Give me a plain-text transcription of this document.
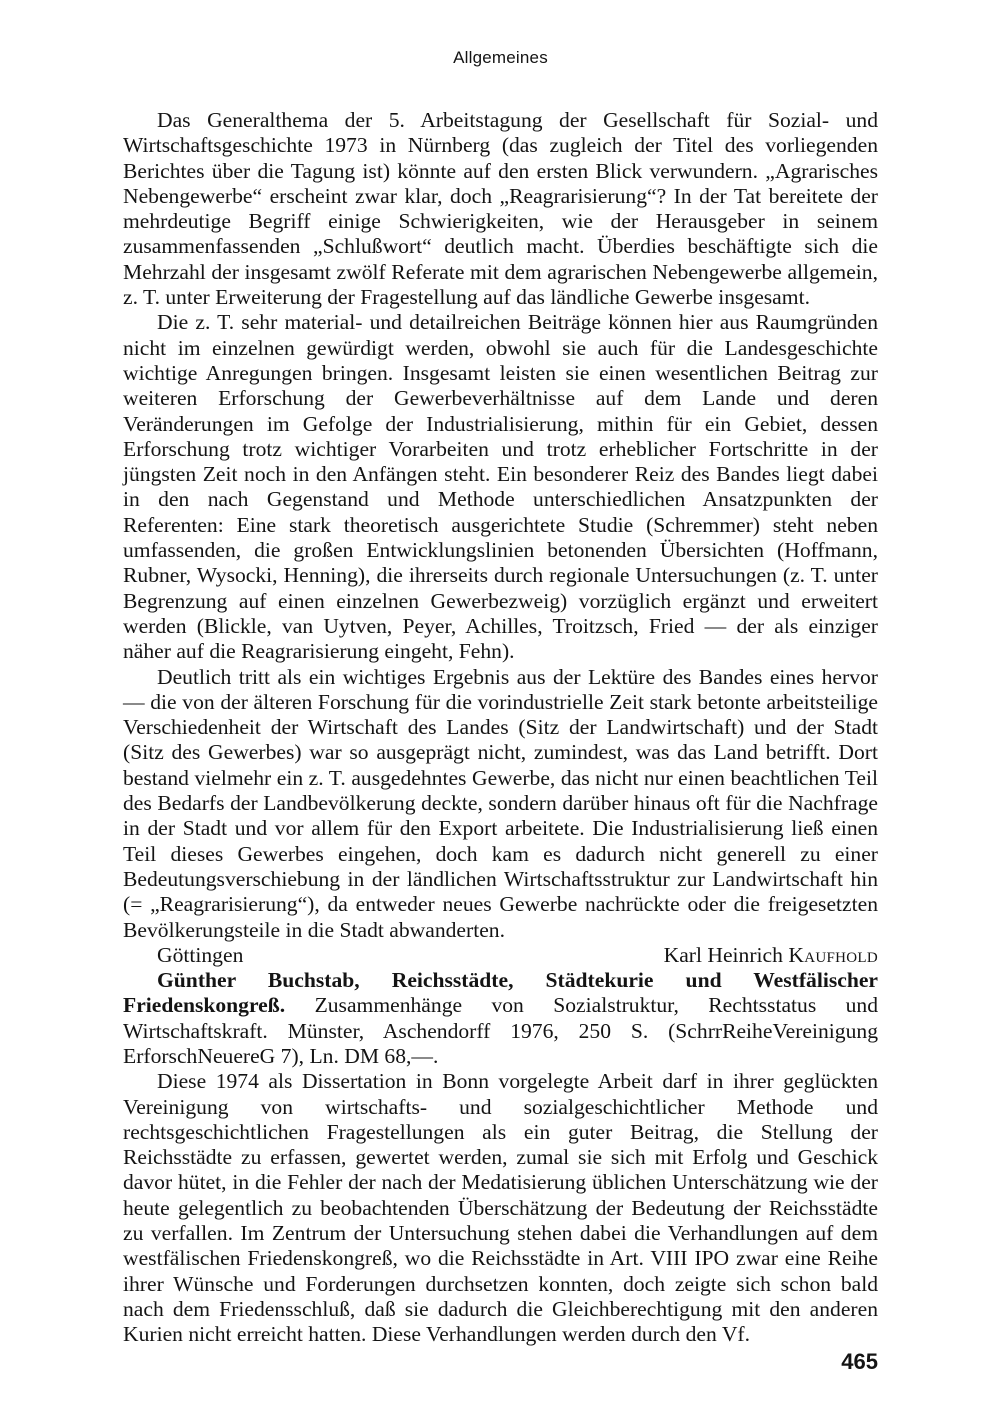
Allgemeines

Das Generalthema der 5. Arbeitstagung der Gesellschaft für Sozial- und Wirtschaftsgeschichte 1973 in Nürnberg (das zugleich der Titel des vorliegenden Berichtes über die Tagung ist) könnte auf den ersten Blick verwundern. „Agrarisches Nebengewerbe“ erscheint zwar klar, doch „Reagrarisierung“? In der Tat bereitete der mehrdeutige Begriff einige Schwierigkeiten, wie der Herausgeber in seinem zusammenfassenden „Schlußwort“ deutlich macht. Überdies beschäftigte sich die Mehrzahl der insgesamt zwölf Referate mit dem agrarischen Nebengewerbe allgemein, z. T. unter Erweiterung der Fragestellung auf das ländliche Gewerbe insgesamt.

Die z. T. sehr material- und detailreichen Beiträge können hier aus Raumgründen nicht im einzelnen gewürdigt werden, obwohl sie auch für die Landesgeschichte wichtige Anregungen bringen. Insgesamt leisten sie einen wesentlichen Beitrag zur weiteren Erforschung der Gewerbeverhältnisse auf dem Lande und deren Veränderungen im Gefolge der Industrialisierung, mithin für ein Gebiet, dessen Erforschung trotz wichtiger Vorarbeiten und trotz erheblicher Fortschritte in der jüngsten Zeit noch in den Anfängen steht. Ein besonderer Reiz des Bandes liegt dabei in den nach Gegenstand und Methode unterschiedlichen Ansatzpunkten der Referenten: Eine stark theoretisch ausgerichtete Studie (Schremmer) steht neben umfassenden, die großen Entwicklungslinien betonenden Übersichten (Hoffmann, Rubner, Wysocki, Henning), die ihrerseits durch regionale Untersuchungen (z. T. unter Begrenzung auf einen einzelnen Gewerbezweig) vorzüglich ergänzt und erweitert werden (Blickle, van Uytven, Peyer, Achilles, Troitzsch, Fried — der als einziger näher auf die Reagrarisierung eingeht, Fehn).

Deutlich tritt als ein wichtiges Ergebnis aus der Lektüre des Bandes eines hervor — die von der älteren Forschung für die vorindustrielle Zeit stark betonte arbeitsteilige Verschiedenheit der Wirtschaft des Landes (Sitz der Landwirtschaft) und der Stadt (Sitz des Gewerbes) war so ausgeprägt nicht, zumindest, was das Land betrifft. Dort bestand vielmehr ein z. T. ausgedehntes Gewerbe, das nicht nur einen beachtlichen Teil des Bedarfs der Landbevölkerung deckte, sondern darüber hinaus oft für die Nachfrage in der Stadt und vor allem für den Export arbeitete. Die Industrialisierung ließ einen Teil dieses Gewerbes eingehen, doch kam es dadurch nicht generell zu einer Bedeutungsverschiebung in der ländlichen Wirtschaftsstruktur zur Landwirtschaft hin (= „Reagrarisierung“), da entweder neues Gewerbe nachrückte oder die freigesetzten Bevölkerungsteile in die Stadt abwanderten.

Göttingen	Karl Heinrich Kaufhold

Günther Buchstab, Reichsstädte, Städtekurie und Westfälischer Friedenskongreß. Zusammenhänge von Sozialstruktur, Rechtsstatus und Wirtschaftskraft. Münster, Aschendorff 1976, 250 S. (SchrrReiheVereinigung ErforschNeuereG 7), Ln. DM 68,—.

Diese 1974 als Dissertation in Bonn vorgelegte Arbeit darf in ihrer geglückten Vereinigung von wirtschafts- und sozialgeschichtlicher Methode und rechtsgeschichtlichen Fragestellungen als ein guter Beitrag, die Stellung der Reichsstädte zu erfassen, gewertet werden, zumal sie sich mit Erfolg und Geschick davor hütet, in die Fehler der nach der Medatisierung üblichen Unterschätzung wie der heute gelegentlich zu beobachtenden Überschätzung der Bedeutung der Reichsstädte zu verfallen. Im Zentrum der Untersuchung stehen dabei die Verhandlungen auf dem westfälischen Friedenskongreß, wo die Reichsstädte in Art. VIII IPO zwar eine Reihe ihrer Wünsche und Forderungen durchsetzen konnten, doch zeigte sich schon bald nach dem Friedensschluß, daß sie dadurch die Gleichberechtigung mit den anderen Kurien nicht erreicht hatten. Diese Verhandlungen werden durch den Vf.

465
